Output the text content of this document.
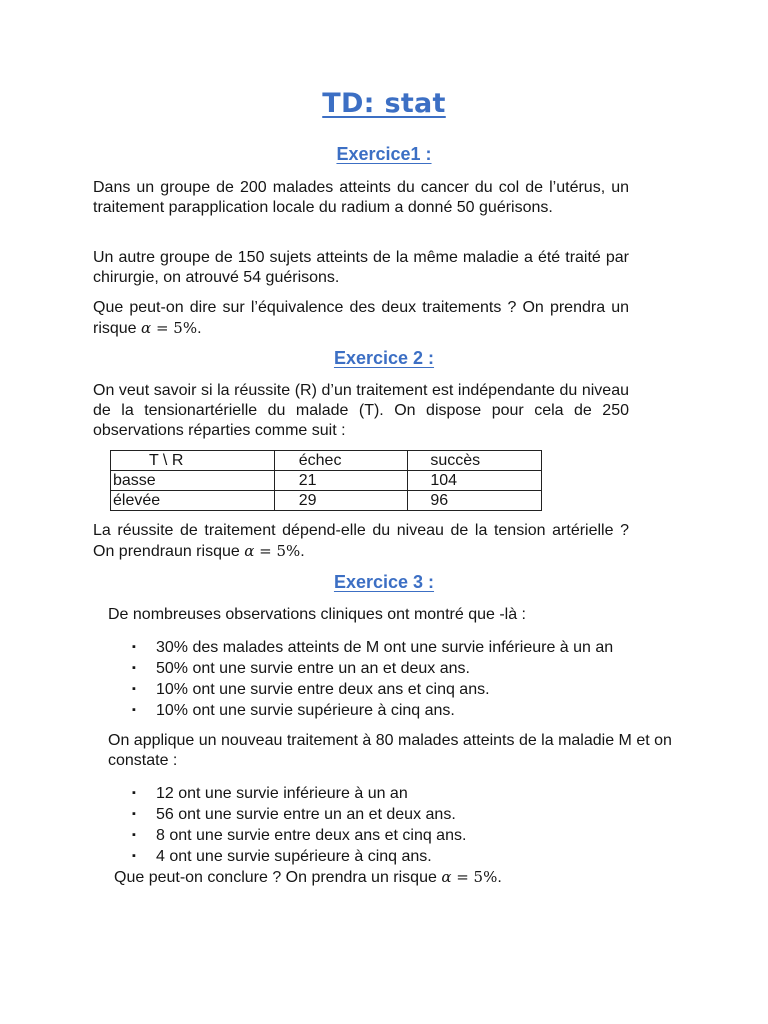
TD: stat
Exercice1 :
Dans un groupe de 200 malades atteints du cancer du col de l’utérus, un traitement parapplication locale du radium a donné 50 guérisons.
Un autre groupe de 150 sujets atteints de la même maladie a été traité par chirurgie, on atrouvé 54 guérisons.
Que peut-on dire sur l’équivalence des deux traitements ? On prendra un risque α = 5%.
Exercice 2 :
On veut savoir si la réussite (R) d’un traitement est indépendante du niveau de la tensionartérielle du malade (T). On dispose pour cela de 250 observations réparties comme suit :
T \ R	échec	succès
basse	21	104
élevée	29	96
La réussite de traitement dépend-elle du niveau de la tension artérielle ? On prendraun risque α = 5%.
Exercice 3 :
De nombreuses observations cliniques ont montré que -là :
▪ 30% des malades atteints de M ont une survie inférieure à un an
▪ 50% ont une survie entre un an et deux ans.
▪ 10% ont une survie entre deux ans et cinq ans.
▪ 10% ont une survie supérieure à cinq ans.
On applique un nouveau traitement à 80 malades atteints de la maladie M et on constate :
▪ 12 ont une survie inférieure à un an
▪ 56 ont une survie entre un an et deux ans.
▪ 8 ont une survie entre deux ans et cinq ans.
▪ 4 ont une survie supérieure à cinq ans.
Que peut-on conclure ? On prendra un risque α = 5%.
